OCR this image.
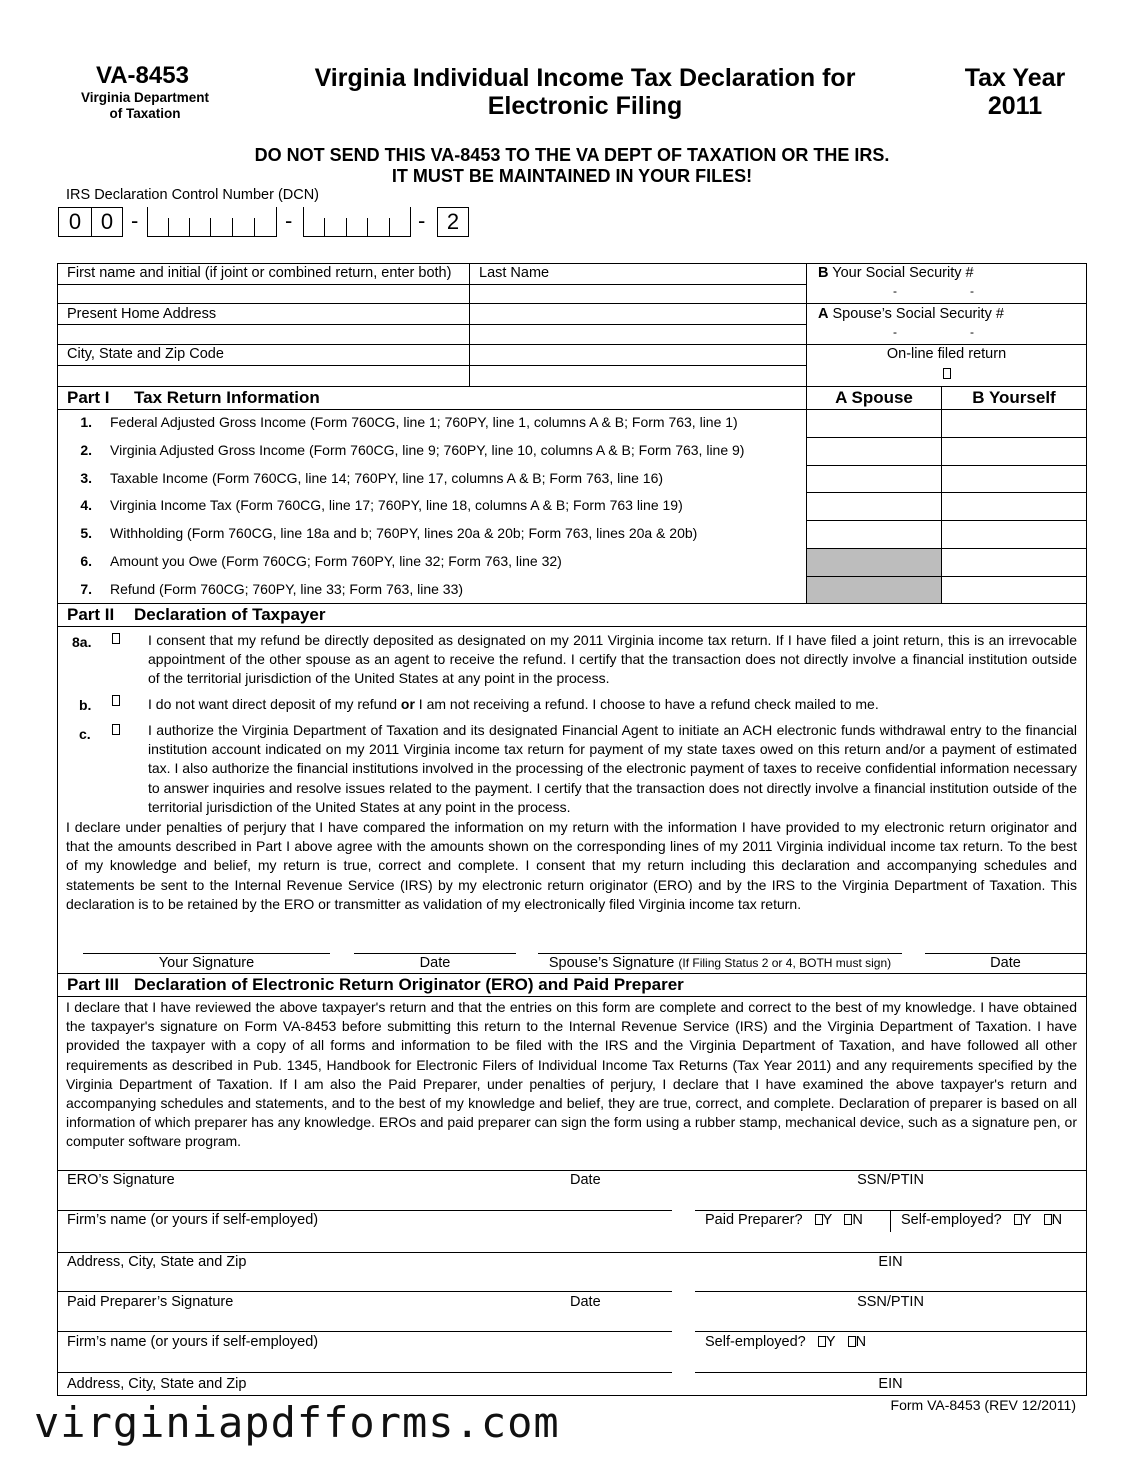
VA-8453
Virginia Department
of Taxation
Virginia Individual Income Tax Declaration for
Electronic Filing
Tax Year
2011
DO NOT SEND THIS VA-8453 TO THE VA DEPT OF TAXATION OR THE IRS.
IT MUST BE MAINTAINED IN YOUR FILES!
IRS Declaration Control Number (DCN)
0 0 -	-	- 2
First name and initial (if joint or combined return, enter both) Last Name	B Your Social Security #
-	-
Present Home Address	A Spouse’s Social Security #
-	-
City, State and Zip Code	On-line filed return
Part I Tax Return Information	A Spouse	B Yourself
1. Federal Adjusted Gross Income (Form 760CG, line 1; 760PY, line 1, columns A & B; Form 763, line 1)
2. Virginia Adjusted Gross Income (Form 760CG, line 9; 760PY, line 10, columns A & B; Form 763, line 9)
3. Taxable Income (Form 760CG, line 14; 760PY, line 17, columns A & B; Form 763, line 16)
4. Virginia Income Tax (Form 760CG, line 17; 760PY, line 18, columns A & B; Form 763 line 19)
5. Withholding (Form 760CG, line 18a and b; 760PY, lines 20a & 20b; Form 763, lines 20a & 20b)
6. Amount you Owe (Form 760CG; Form 760PY, line 32; Form 763, line 32)
7. Refund (Form 760CG; 760PY, line 33; Form 763, line 33)
Part II Declaration of Taxpayer
8a.	I consent that my refund be directly deposited as designated on my 2011 Virginia income tax return. If I have filed a joint return, this is an irrevocable appointment of the other spouse as an agent to receive the refund. I certify that the transaction does not directly involve a financial institution outside of the territorial jurisdiction of the United States at any point in the process.
b.	I do not want direct deposit of my refund or I am not receiving a refund. I choose to have a refund check mailed to me.
c.	I authorize the Virginia Department of Taxation and its designated Financial Agent to initiate an ACH electronic funds withdrawal entry to the financial institution account indicated on my 2011 Virginia income tax return for payment of my state taxes owed on this return and/or a payment of estimated tax. I also authorize the financial institutions involved in the processing of the electronic payment of taxes to receive confidential information necessary to answer inquiries and resolve issues related to the payment. I certify that the transaction does not directly involve a financial institution outside of the territorial jurisdiction of the United States at any point in the process.
I declare under penalties of perjury that I have compared the information on my return with the information I have provided to my electronic return originator and that the amounts described in Part I above agree with the amounts shown on the corresponding lines of my 2011 Virginia individual income tax return. To the best of my knowledge and belief, my return is true, correct and complete. I consent that my return including this declaration and accompanying schedules and statements be sent to the Internal Revenue Service (IRS) by my electronic return originator (ERO) and by the IRS to the Virginia Department of Taxation. This declaration is to be retained by the ERO or transmitter as validation of my electronically filed Virginia income tax return.
Your Signature	Date	Spouse’s Signature (If Filing Status 2 or 4, BOTH must sign)	Date
Part III Declaration of Electronic Return Originator (ERO) and Paid Preparer
I declare that I have reviewed the above taxpayer's return and that the entries on this form are complete and correct to the best of my knowledge. I have obtained the taxpayer's signature on Form VA-8453 before submitting this return to the Internal Revenue Service (IRS) and the Virginia Department of Taxation. I have provided the taxpayer with a copy of all forms and information to be filed with the IRS and the Virginia Department of Taxation, and have followed all other requirements as described in Pub. 1345, Handbook for Electronic Filers of Individual Income Tax Returns (Tax Year 2011) and any requirements specified by the Virginia Department of Taxation. If I am also the Paid Preparer, under penalties of perjury, I declare that I have examined the above taxpayer's return and accompanying schedules and statements, and to the best of my knowledge and belief, they are true, correct, and complete. Declaration of preparer is based on all information of which preparer has any knowledge. EROs and paid preparer can sign the form using a rubber stamp, mechanical device, such as a signature pen, or computer software program.
ERO’s Signature	Date	SSN/PTIN
Firm’s name (or yours if self-employed)	Paid Preparer? Y N	Self-employed? Y N
Address, City, State and Zip	EIN
Paid Preparer’s Signature	Date	SSN/PTIN
Firm’s name (or yours if self-employed)	Self-employed? Y N
Address, City, State and Zip	EIN
Form VA-8453 (REV 12/2011)
virginiapdfforms.com
